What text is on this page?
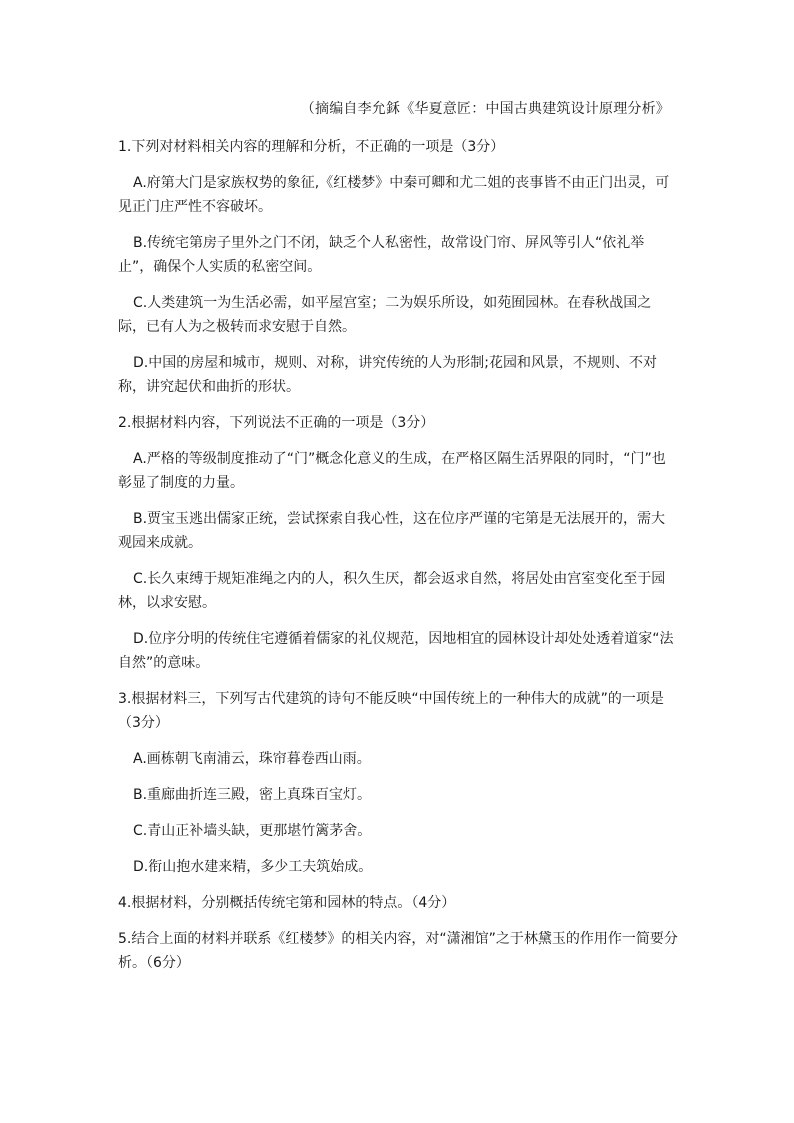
（摘编自李允鉌《华夏意匠：中国古典建筑设计原理分析》

1.下列对材料相关内容的理解和分析，不正确的一项是（3分）

A.府第大门是家族权势的象征,《红楼梦》中秦可卿和尤二姐的丧事皆不由正门出灵，可见正门庄严性不容破坏。

B.传统宅第房子里外之门不闭，缺乏个人私密性，故常设门帘、屏风等引人“依礼举止”，确保个人实质的私密空间。

C.人类建筑一为生活必需，如平屋宫室；二为娱乐所设，如苑囿园林。在春秋战国之际，已有人为之极转而求安慰于自然。

D.中国的房屋和城市，规则、对称，讲究传统的人为形制;花园和风景，不规则、不对称，讲究起伏和曲折的形状。

2.根据材料内容，下列说法不正确的一项是（3分）

A.严格的等级制度推动了“门”概念化意义的生成，在严格区隔生活界限的同时，“门”也彰显了制度的力量。

B.贾宝玉逃出儒家正统，尝试探索自我心性，这在位序严谨的宅第是无法展开的，需大观园来成就。

C.长久束缚于规矩准绳之内的人，积久生厌，都会返求自然，将居处由宫室变化至于园林，以求安慰。

D.位序分明的传统住宅遵循着儒家的礼仪规范，因地相宜的园林设计却处处透着道家“法自然”的意味。

3.根据材料三，下列写古代建筑的诗句不能反映“中国传统上的一种伟大的成就”的一项是（3分）

A.画栋朝飞南浦云，珠帘暮卷西山雨。

B.重廊曲折连三殿，密上真珠百宝灯。

C.青山正补墙头缺，更那堪竹篱茅舍。

D.衔山抱水建来精，多少工夫筑始成。

4.根据材料，分别概括传统宅第和园林的特点。（4分）

5.结合上面的材料并联系《红楼梦》的相关内容，对“潇湘馆”之于林黛玉的作用作一简要分析。（6分）
